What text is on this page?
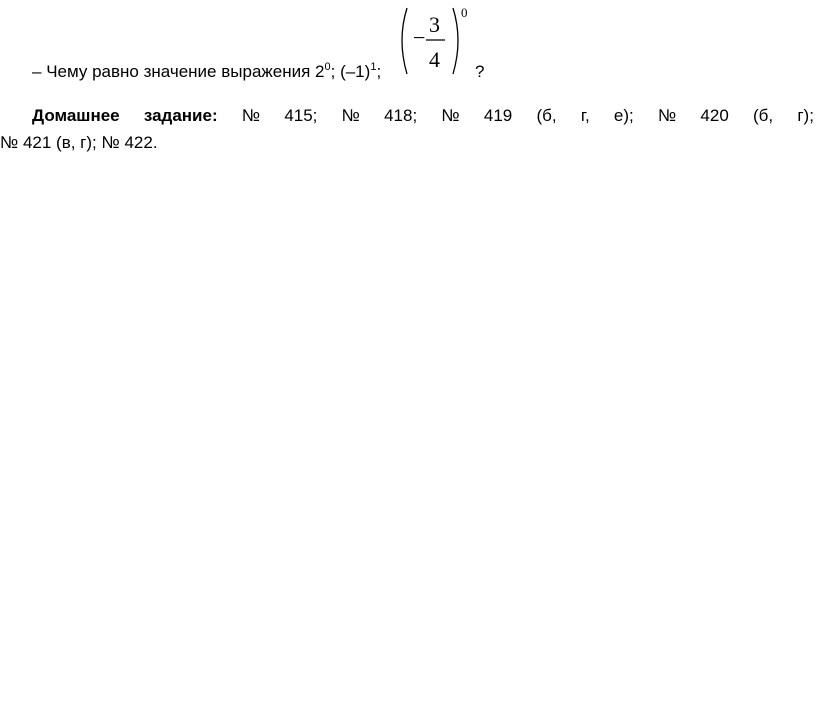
– Чему равно значение выражения $2^0$; $(-1)^1$;
−
3
4
0
?
Домашнее задание: № 415; № 418; № 419 (б, г, е); № 420 (б, г);
№ 421 (в, г); № 422.
